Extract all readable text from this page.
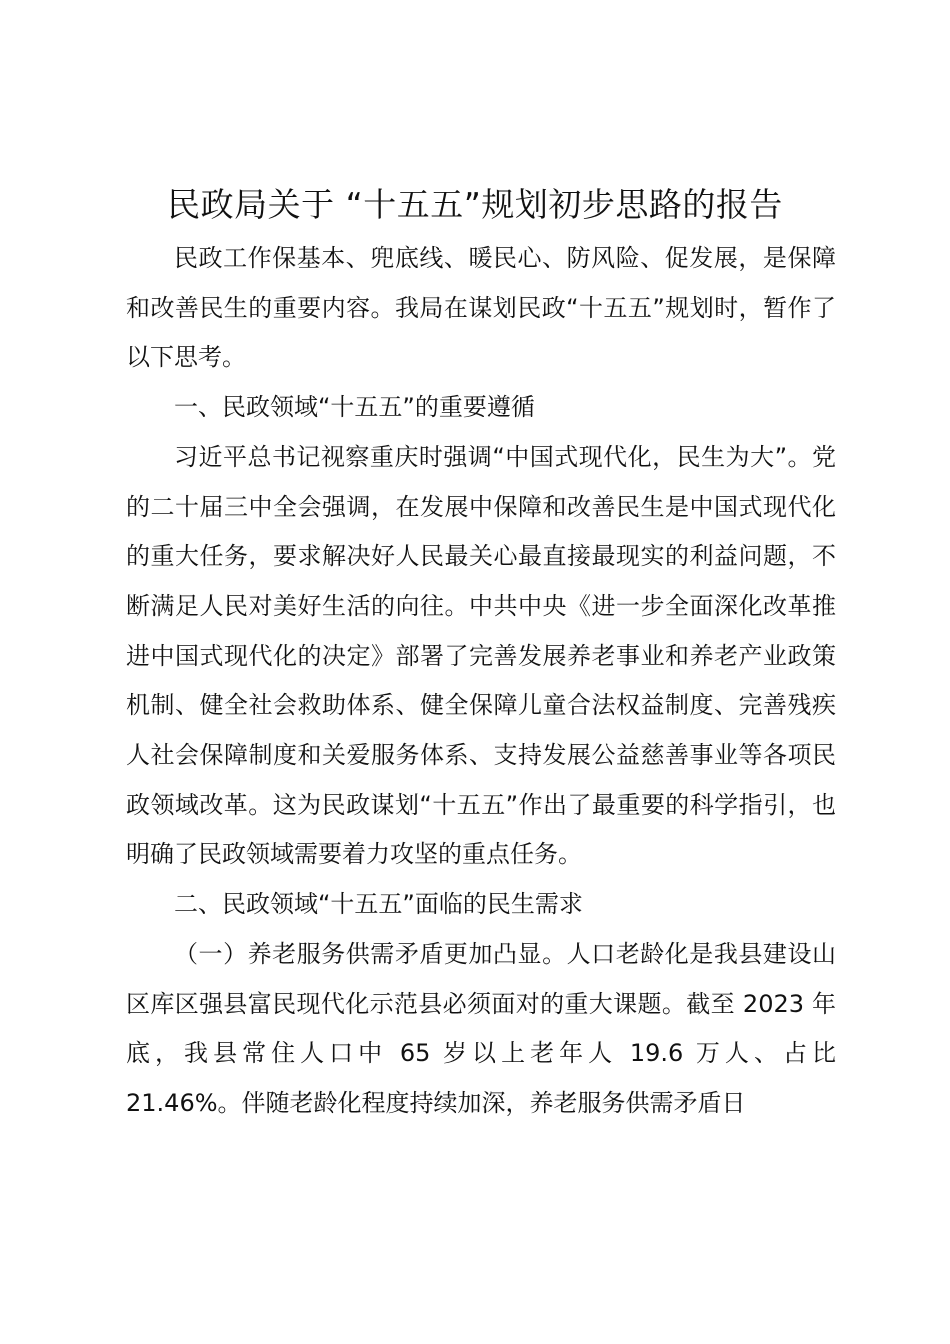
民政局关于 “十五五”规划初步思路的报告

民政工作保基本、兜底线、暖民心、防风险、促发展，是保障和改善民生的重要内容。我局在谋划民政“十五五”规划时，暂作了以下思考。

一、民政领域“十五五”的重要遵循

习近平总书记视察重庆时强调“中国式现代化，民生为大”。党的二十届三中全会强调，在发展中保障和改善民生是中国式现代化的重大任务，要求解决好人民最关心最直接最现实的利益问题，不断满足人民对美好生活的向往。中共中央《进一步全面深化改革推进中国式现代化的决定》部署了完善发展养老事业和养老产业政策机制、健全社会救助体系、健全保障儿童合法权益制度、完善残疾人社会保障制度和关爱服务体系、支持发展公益慈善事业等各项民政领域改革。这为民政谋划“十五五”作出了最重要的科学指引，也明确了民政领域需要着力攻坚的重点任务。

二、民政领域“十五五”面临的民生需求

（一）养老服务供需矛盾更加凸显。人口老龄化是我县建设山区库区强县富民现代化示范县必须面对的重大课题。截至 2023 年底，我县常住人口中 65 岁以上老年人 19.6 万人、占比 21.46%。伴随老龄化程度持续加深，养老服务供需矛盾日
